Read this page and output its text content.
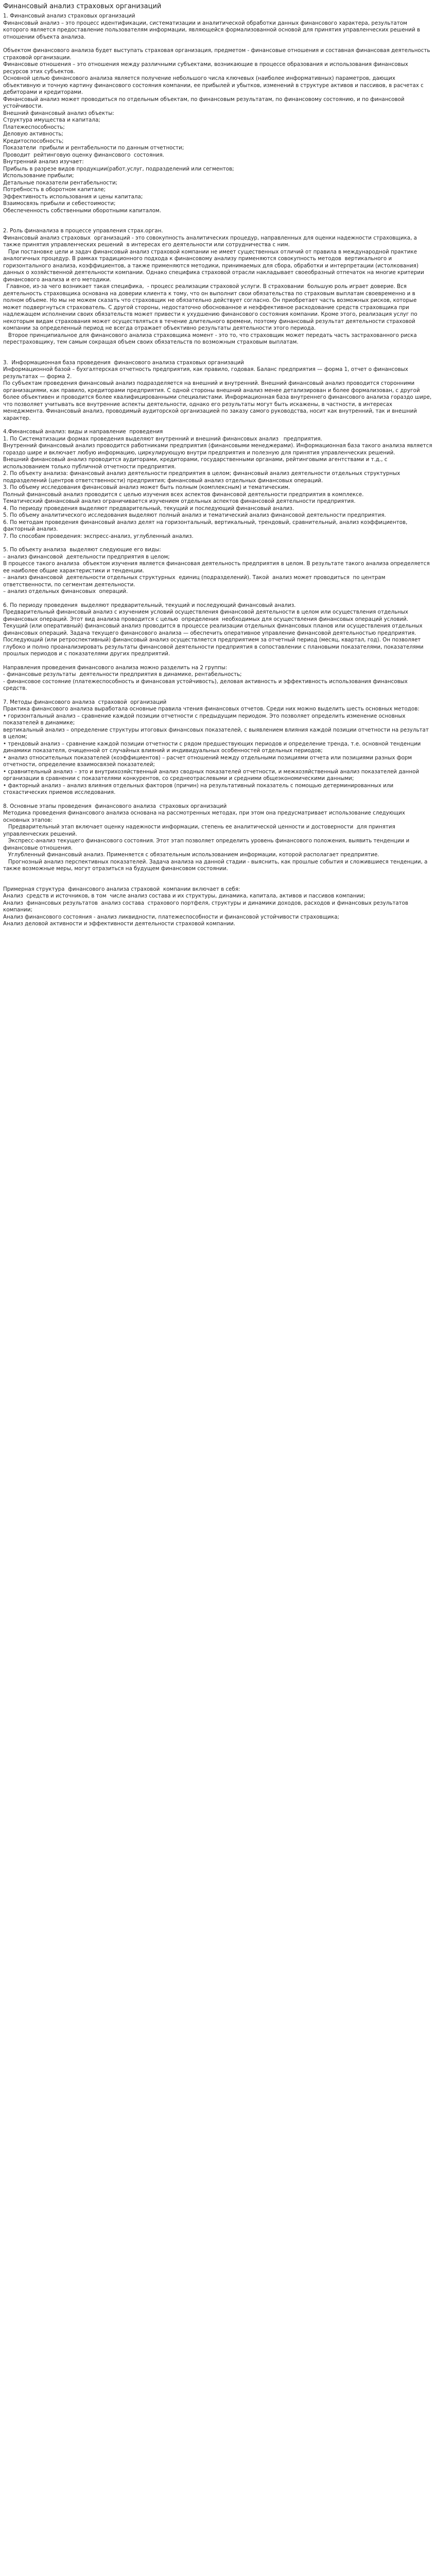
Финансовый анализ страховых организаций

1. Финансовый анализ страховых организаций

Финансовый анализ – это процесс идентификации, систематизации и аналитической обработки данных финансового характера, результатом которого является предоставление пользователям информации, являющейся формализованной основой для принятия управленческих решений в отношении объекта анализа.

Объектом финансового анализа будет выступать страховая организация, предметом - финансовые отношения и составная финансовая деятельность страховой организации.

Финансовые отношения – это отношения между различными субъектами, возникающие в процессе образования и использования финансовых ресурсов этих субъектов.

Основной целью финансового анализа является получение небольшого числа ключевых (наиболее информативных) параметров, дающих объективную и точную картину финансового состояния компании, ее прибылей и убытков, изменений в структуре активов и пассивов, в расчетах с дебиторами и кредиторами.

Финансовый анализ может проводиться по отдельным объектам, по финансовым результатам, по финансовому состоянию, и по финансовой устойчивости.

Внешний финансовый анализ объекты:

Структура имущества и капитала;

Платежеспособность;

Деловую активность;

Кредитоспособность;

Показатели  прибыли и рентабельности по данным отчетности;

Проводит  рейтинговую оценку финансового  состояния.

Внутренний анализ изучает:

Прибыль в разрезе видов продукции(работ,услуг, подразделений или сегментов;

Использование прибыли;

Детальные показатели рентабельности;

Потребность в оборотном капитале;

Эффективность использования и цены капитала;

Взаимосвязь прибыли и себестоимости;

Обеспеченность собственными оборотными капиталом.

2. Роль финанализа в процессе управления страх.орган.

Финансовый анализ страховых  организаций - это совокупность аналитических процедур, направленных для оценки надежности страховщика, а также принятия управленческих решений  в интересах его деятельности или сотрудничества с ним.

При постановке цели и задач финансовый анализ страховой компании не имеет существенных отличий от правила в международной практике аналогичных процедур. В рамках традиционного подхода к финансовому анализу применяются совокупность методов  вертикального и горизонтального анализа, коэффициентов, а также применяются методики, принимаемых для сбора, обработки и интерпретации (истолкования) данных о хозяйственной деятельности компании. Однако специфика страховой отрасли накладывает своеобразный отпечаток на многие критерии финансового анализа и его методики.

Главное, из-за чего возникает такая специфика,  - процесс реализации страховой услуги. В страховании  большую роль играет доверие. Вся деятельность страховщика основана на доверии клиента к тому, что он выполнит свои обязательства по страховым выплатам своевременно и в полном объеме. Но мы не можем сказать что страховщик не обязательно действует согласно. Он приобретает часть возможных рисков, которые может подвергнуться страхователь. С другой стороны, недостаточно обоснованное и неэффективное расходование средств страховщика при надлежащем исполнении своих обязательств может привести к ухудшению финансового состояния компании. Кроме этого, реализация услуг по некоторым видам страхования может осуществляться в течение длительного времени, поэтому финансовый результат деятельности страховой компании за определенный период не всегда отражает объективно результаты деятельности этого периода.

Второе принципиальное для финансового анализа страховщика момент - это то, что страховщик может передать часть застрахованного риска перестраховщику, тем самым сокращая объем своих обязательств по возможным страховым выплатам.

3.  Информационная база проведения  финансового анализа страховых организаций

Информационной базой – бухгалтерская отчетность предприятия, как правило, годовая. Баланс предприятия — форма 1, отчет о финансовых результатах — форма 2.

По субъектам проведения финансовый анализ подразделяется на внешний и внутренний. Внешний финансовый анализ проводится сторонними организациями, как правило, кредиторами предприятия. С одной стороны внешний анализ менее детализирован и более формализован, с другой более объективен и проводится более квалифицированными специалистами. Информационная база внутреннего финансового анализа гораздо шире, что позволяет учитывать все внутренние аспекты деятельности, однако его результаты могут быть искажены, в частности, в интересах менеджмента. Финансовый анализ, проводимый аудиторской организацией по заказу самого руководства, носит как внутренний, так и внешний характер.

4.Финансовый анализ: виды и направление  проведения

1. По Систематизации формах проведения выделяют внутренний и внешний финансовых анализ   предприятия.

Внутренний финансовый анализ проводится работниками предприятия (финансовыми менеджерами). Информационная база такого анализа является гораздо шире и включает любую информацию, циркулирующую внутри предприятия и полезную для принятия управленческих решений.

Внешний финансовый анализ проводится аудиторами, кредиторами, государственными органами, рейтинговыми агентствами и т.д., с использованием только публичной отчетности предприятия.

2. По объекту анализа: финансовый анализ деятельности предприятия в целом; финансовый анализ деятельности отдельных структурных подразделений (центров ответственности) предприятия; финансовый анализ отдельных финансовых операций.

3. По объему исследования финансовый анализ может быть полным (комплексным) и тематическим.

Полный финансовый анализ проводится с целью изучения всех аспектов финансовой деятельности предприятия в комплексе.

Тематический финансовый анализ ограничивается изучением отдельных аспектов финансовой деятельности предприятия.

4. По периоду проведения выделяют предварительный, текущий и последующий финансовый анализ.

5. По объему аналитического исследования выделяют полный анализ и тематический анализ финансовой деятельности предприятия.

6. По методам проведения финансовый анализ делят на горизонтальный, вертикальный, трендовый, сравнительный, анализ коэффициентов, факторный анализ.

7. По способам проведения: экспресс-анализ, углубленный анализ.

5. По объекту анализа  выделяют следующие его виды:

– анализ финансовой  деятельности предприятия в целом;

В процессе такого анализа  объектом изучения является финансовая деятельность предприятия в целом. В результате такого анализа определяется ее наиболее общие характеристики и тенденции.

– анализ финансовой  деятельности отдельных структурных  единиц (подразделений). Такой  анализ может проводиться  по центрам ответственности, по сегментам деятельности.

– анализ отдельных финансовых  операций.

6. По периоду проведения  выделяют предварительный, текущий и последующий финансовый анализ.

Предварительный финансовый анализ с изучением условий осуществления финансовой деятельности в целом или осуществления отдельных финансовых операций. Этот вид анализа проводится с целью  определения  необходимых для осуществления финансовых операций условий.

Текущий (или оперативный) финансовый анализ проводится в процессе реализации отдельных финансовых планов или осуществления отдельных финансовых операций. Задача текущего финансового анализа — обеспечить оперативное управление финансовой деятельностью предприятия.

Последующий (или ретроспективный) финансовый анализ осуществляется предприятием за отчетный период (месяц, квартал, год). Он позволяет глубоко и полно проанализировать результаты финансовой деятельности предприятия в сопоставлении с плановыми показателями, показателями прошлых периодов и с показателями других предприятий.

Направления проведения финансового анализа можно разделить на 2 группы:

- финансовые результаты  деятельности предприятия в динамике, рентабельность;

- финансовое состояние (платежеспособность и финансовая устойчивость), деловая активность и эффективность использования финансовых средств.

7. Методы финансового анализа  страховой  организаций

Практика финансового анализа выработала основные правила чтения финансовых отчетов. Среди них можно выделить шесть основных методов:

• горизонтальный анализ – сравнение каждой позиции отчетности с предыдущим периодом. Это позволяет определить изменение основных показателей в динамике;

вертикальный анализ – определение структуры итоговых финансовых показателей, с выявлением влияния каждой позиции отчетности на результат в целом;

• трендовый анализ – сравнение каждой позиции отчетности с рядом предшествующих периодов и определение тренда, т.е. основной тенденции динамики показателя, очищенной от случайных влияний и индивидуальных особенностей отдельных периодов;

• анализ относительных показателей (коэффициентов) – расчет отношений между отдельными позициями отчета или позициями разных форм отчетности, определение взаимосвязей показателей;

• сравнительный анализ – это и внутрихозяйственный анализ сводных показателей отчетности, и межхозяйственный анализ показателей данной организации в сравнении с показателями конкурентов, со среднеотраслевыми и средними общеэкономическими данными;

• факторный анализ – анализ влияния отдельных факторов (причин) на результативный показатель с помощью детерминированных или стохастических приемов исследования.

8. Основные этапы проведения  финансового анализа  страховых организаций

Методика проведения финансового анализа основана на рассмотренных методах, при этом она предусматривает использование следующих основных этапов:

Предварительный этап включает оценку надежности информации, степень ее аналитической ценности и достоверности  для принятия управленческих решений.

Экспресс-анализ текущего финансового состояния. Этот этап позволяет определить уровень финансового положения, выявить тенденции и финансовые отношения.

Углубленный финансовый анализ. Применяется с обязательным использованием информации, которой располагает предприятие.

Прогнозный анализ перспективных показателей. Задача анализа на данной стадии - выяснить, как прошлые события и сложившиеся тенденции, а также возможные меры, могут отразиться на будущем финансовом состоянии.

Примерная структура  финансового анализа страховой  компании включает в себя:

Анализ  средств и источников, в том  числе анализ состава и их структуры, динамика, капитала, активов и пассивов компании;

Анализ  финансовых результатов  анализ состава  страхового портфеля, структуры и динамики доходов, расходов и финансовых результатов компании;

Анализ финансового состояния - анализ ликвидности, платежеспособности и финансовой устойчивости страховщика;

Анализ деловой активности и эффективности деятельности страховой компании.
